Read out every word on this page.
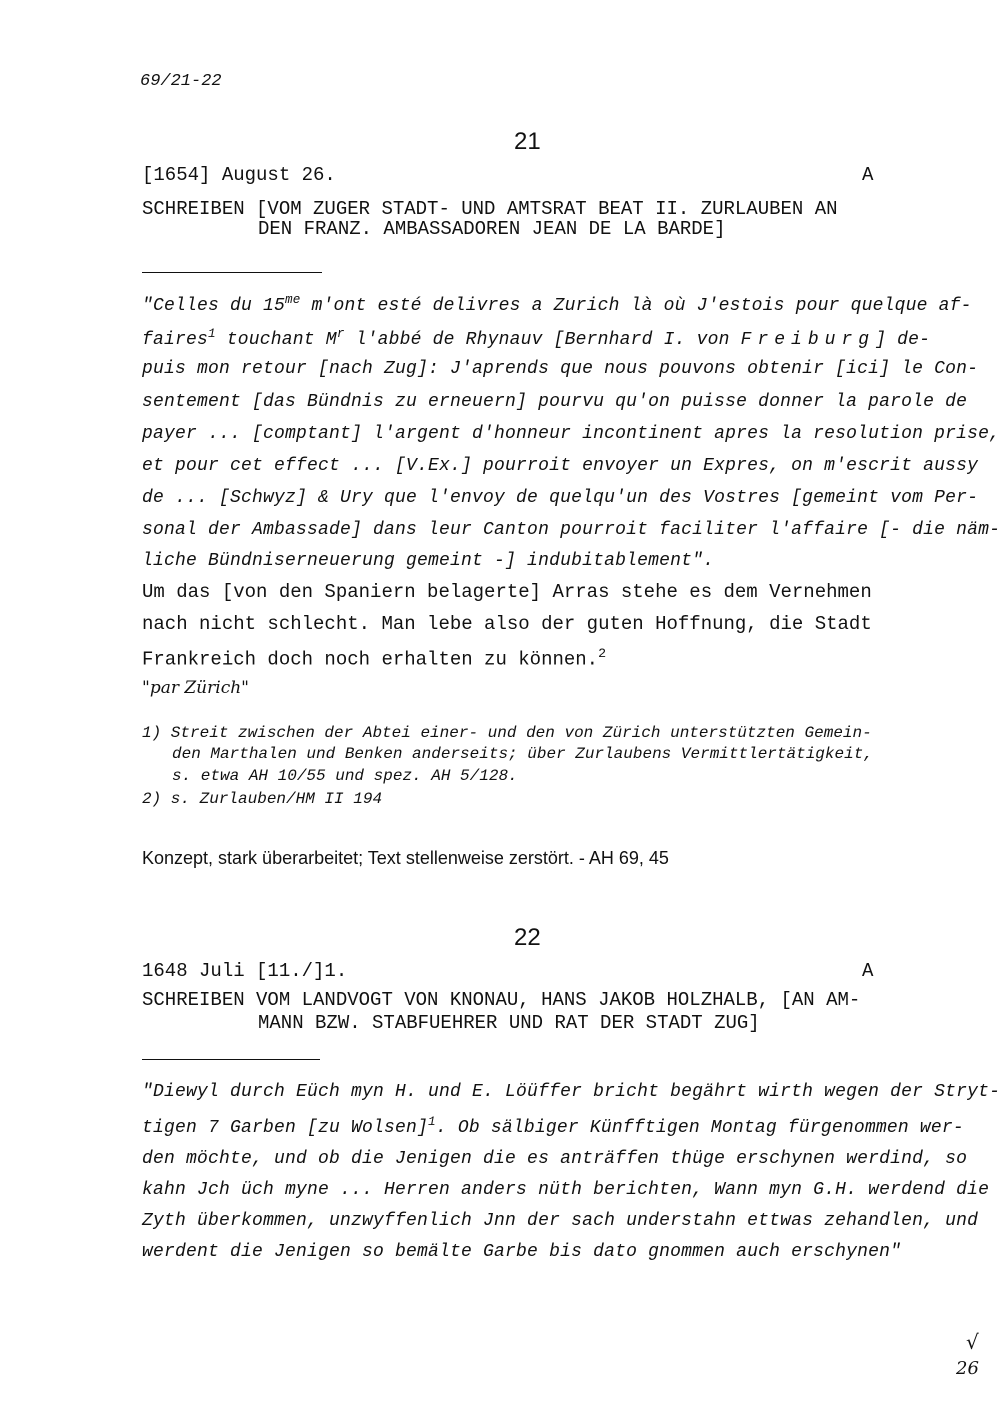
69/21-22
21
[1654] August 26.	A
SCHREIBEN [VOM ZUGER STADT- UND AMTSRAT BEAT II. ZURLAUBEN AN
DEN FRANZ. AMBASSADOREN JEAN DE LA BARDE]
"Celles du $15^{me}$ m'ont esté delivres a Zurich là où J'estois pour quelque af-
faires$^1$ touchant $M^r$ l'abbé de Rhynauv [Bernhard I. von Freiburg] de-
puis mon retour [nach Zug]: J'aprends que nous pouvons obtenir [ici] le Con-
sentement [das Bündnis zu erneuern] pourvu qu'on puisse donner la parole de
payer ... [comptant] l'argent d'honneur incontinent apres la resolution prise,
et pour cet effect ... [V.Ex.] pourroit envoyer un Expres, on m'escrit aussy
de ... [Schwyz] & Ury que l'envoy de quelqu'un des Vostres [gemeint vom Per-
sonal der Ambassade] dans leur Canton pourroit faciliter l'affaire [- die näm-
liche Bündniserneuerung gemeint -] indubitablement".
Um das [von den Spaniern belagerte] Arras stehe es dem Vernehmen
nach nicht schlecht. Man lebe also der guten Hoffnung, die Stadt
Frankreich doch noch erhalten zu können.$^2$
"par Zürich"
1) Streit zwischen der Abtei einer- und den von Zürich unterstützten Gemein-
den Marthalen und Benken anderseits; über Zurlaubens Vermittlertätigkeit,
s. etwa AH 10/55 und spez. AH 5/128.
2) s. Zurlauben/HM II 194
Konzept, stark überarbeitet; Text stellenweise zerstört. - AH 69, 45
22
1648 Juli [11./]1.	A
SCHREIBEN VOM LANDVOGT VON KNONAU, HANS JAKOB HOLZHALB, [AN AM-
MANN BZW. STABFUEHRER UND RAT DER STADT ZUG]
"Diewyl durch Eüch myn H. und E. Löüffer bricht begährt wirth wegen der Stryt-
tigen 7 Garben [zu Wolsen]$^1$. Ob sälbiger Künfftigen Montag fürgenommen wer-
den möchte, und ob die Jenigen die es anträffen thüge erschynen werdind, so
kahn Jch üch myne ... Herren anders nüth berichten, Wann myn G.H. werdend die
Zyth überkommen, unzwyffenlich Jnn der sach understahn ettwas zehandlen, und
werdent die Jenigen so bemälte Garbe bis dato gnommen auch erschynen"
√
26
